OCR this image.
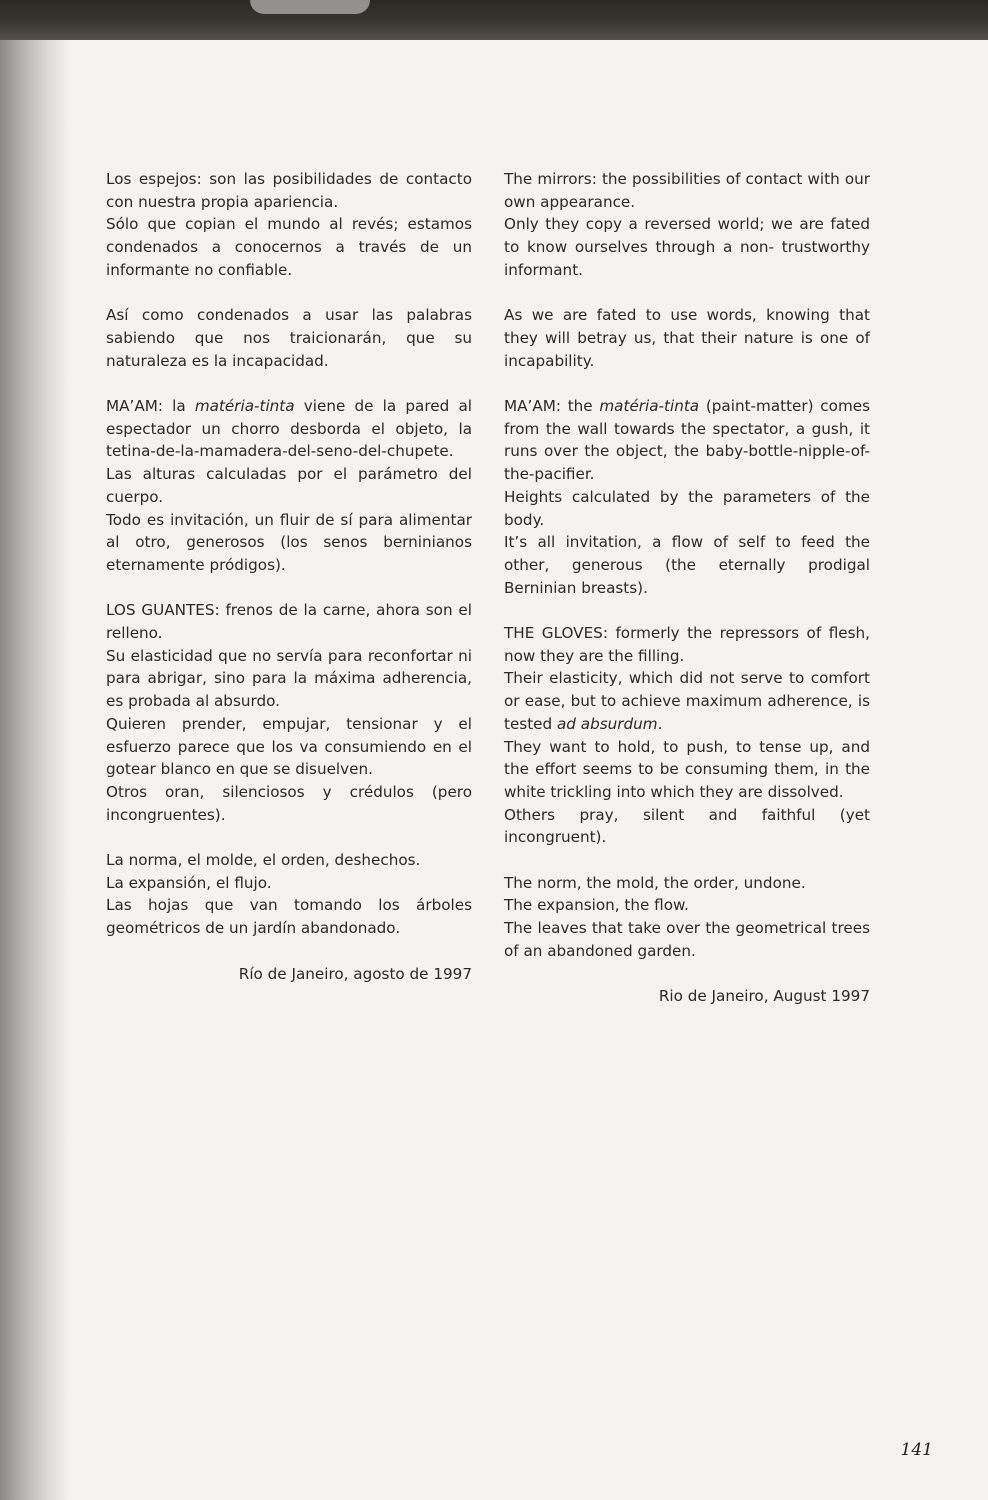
Los espejos: son las posibilidades de contacto con nuestra propia apariencia.
Sólo que copian el mundo al revés; estamos condenados a conocernos a través de un informante no confiable.

Así como condenados a usar las palabras sabiendo que nos traicionarán, que su naturaleza es la incapacidad.

MA’AM: la matéria-tinta viene de la pared al espectador un chorro desborda el objeto, la tetina-de-la-mamadera-del-seno-del-chupete.
Las alturas calculadas por el parámetro del cuerpo.
Todo es invitación, un fluir de sí para alimentar al otro, generosos (los senos berninianos eternamente pródigos).

LOS GUANTES: frenos de la carne, ahora son el relleno.
Su elasticidad que no servía para reconfortar ni para abrigar, sino para la máxima adherencia, es probada al absurdo.
Quieren prender, empujar, tensionar y el esfuerzo parece que los va consumiendo en el gotear blanco en que se disuelven.
Otros oran, silenciosos y crédulos (pero incongruentes).

La norma, el molde, el orden, deshechos.
La expansión, el flujo.
Las hojas que van tomando los árboles geométricos de un jardín abandonado.

Río de Janeiro, agosto de 1997

The mirrors: the possibilities of contact with our own appearance.
Only they copy a reversed world; we are fated to know ourselves through a non- trustworthy informant.

As we are fated to use words, knowing that they will betray us, that their nature is one of incapability.

MA’AM: the matéria-tinta (paint-matter) comes from the wall towards the spectator, a gush, it runs over the object, the baby-bottle-nipple-of-the-pacifier.
Heights calculated by the parameters of the body.
It’s all invitation, a flow of self to feed the other, generous (the eternally prodigal Berninian breasts).

THE GLOVES: formerly the repressors of flesh, now they are the filling.
Their elasticity, which did not serve to comfort or ease, but to achieve maximum adherence, is tested ad absurdum.
They want to hold, to push, to tense up, and the effort seems to be consuming them, in the white trickling into which they are dissolved.
Others pray, silent and faithful (yet incongruent).

The norm, the mold, the order, undone.
The expansion, the flow.
The leaves that take over the geometrical trees of an abandoned garden.

Rio de Janeiro, August 1997

141
